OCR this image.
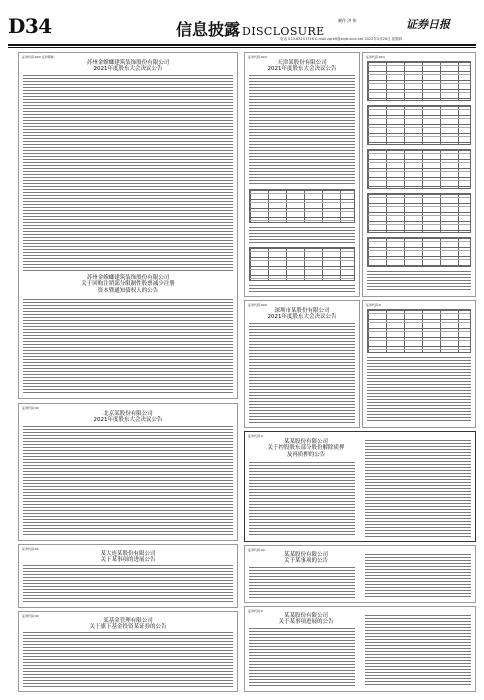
D34	信息披露 DISCLOSURE
制作 洪 伟	证券日报
电话 010-83251716 E-mail zqrb9@zqrb.sina.net 2022年5月26日 星期四
证券代码:600 证券简称:
苏州金螳螂建筑装饰股份有限公司
2021年度股东大会决议公告
苏州金螳螂建筑装饰股份有限公司
关于回购注销部分限制性股票减少注册
资本暨通知债权人的公告
证券代码:00
北京某股份有限公司
2021年度股东大会决议公告
证券代码:60
某大连某股份有限公司
关于某事项的进展公告
证券代码:00
某基金管理有限公司
关于旗下基金投资某证券的公告
证券代码:603
天津某股份有限公司
2021年度股东大会决议公告
证券代码:603
证券代码:600
深圳市某股份有限公司
2021年度股东大会决议公告
证券代码:6
证券代码:0
某某股份有限公司
关于控股股东部分股份解除质押
及再质押的公告
证券代码:00
某某股份有限公司
关于某事项的公告
证券代码:6
某某股份有限公司
关于某事项进展的公告
